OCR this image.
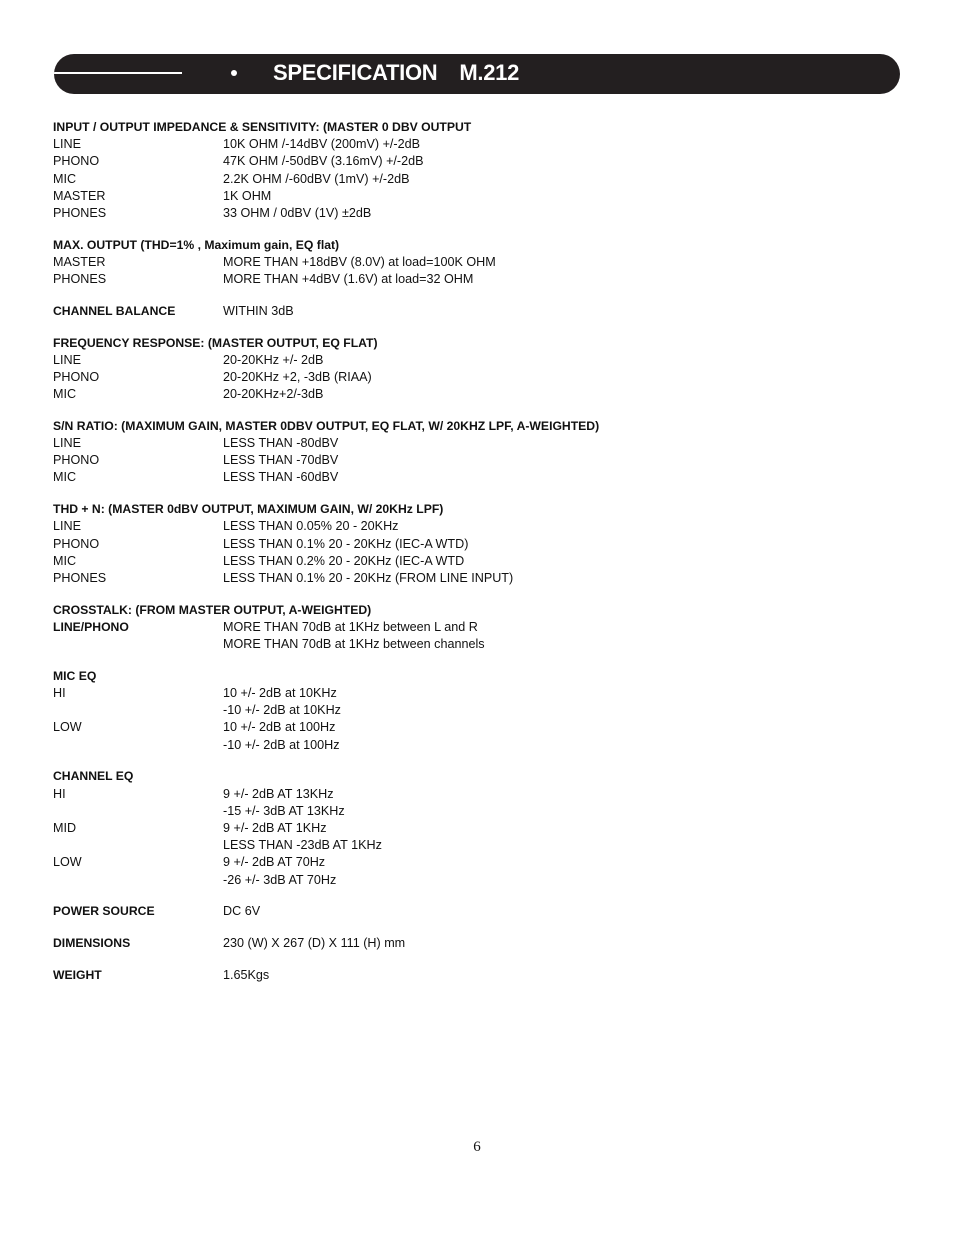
SPECIFICATION M.212
INPUT / OUTPUT IMPEDANCE & SENSITIVITY: (MASTER 0 DBV OUTPUT
LINE	10K OHM /-14dBV (200mV) +/-2dB
PHONO	47K OHM /-50dBV (3.16mV) +/-2dB
MIC	2.2K OHM /-60dBV (1mV) +/-2dB
MASTER	1K OHM
PHONES	33 OHM / 0dBV (1V) ±2dB
MAX. OUTPUT (THD=1% , Maximum gain, EQ flat)
MASTER	MORE THAN +18dBV (8.0V) at load=100K OHM
PHONES	MORE THAN +4dBV (1.6V) at load=32 OHM
CHANNEL BALANCE	WITHIN 3dB
FREQUENCY RESPONSE: (MASTER OUTPUT, EQ FLAT)
LINE	20-20KHz +/- 2dB
PHONO	20-20KHz +2, -3dB (RIAA)
MIC	20-20KHz+2/-3dB
S/N RATIO: (MAXIMUM GAIN, MASTER 0DBV OUTPUT, EQ FLAT, W/ 20KHZ LPF, A-WEIGHTED)
LINE	LESS THAN -80dBV
PHONO	LESS THAN -70dBV
MIC	LESS THAN -60dBV
THD + N: (MASTER 0dBV OUTPUT, MAXIMUM GAIN, W/ 20KHz LPF)
LINE	LESS THAN 0.05% 20 - 20KHz
PHONO	LESS THAN 0.1% 20 - 20KHz (IEC-A WTD)
MIC	LESS THAN 0.2% 20 - 20KHz (IEC-A WTD
PHONES	LESS THAN 0.1% 20 - 20KHz (FROM LINE INPUT)
CROSSTALK: (FROM MASTER OUTPUT, A-WEIGHTED)
LINE/PHONO	MORE THAN 70dB at 1KHz between L and R
MORE THAN 70dB at 1KHz between channels
MIC EQ
HI	10 +/- 2dB at 10KHz
-10 +/- 2dB at 10KHz
LOW	10 +/- 2dB at 100Hz
-10 +/- 2dB at 100Hz
CHANNEL EQ
HI	9 +/- 2dB AT 13KHz
-15 +/- 3dB AT 13KHz
MID	9 +/- 2dB AT 1KHz
LESS THAN -23dB AT 1KHz
LOW	9 +/- 2dB AT 70Hz
-26 +/- 3dB AT 70Hz
POWER SOURCE	DC 6V
DIMENSIONS	230 (W) X 267 (D) X 111 (H) mm
WEIGHT	1.65Kgs
6
